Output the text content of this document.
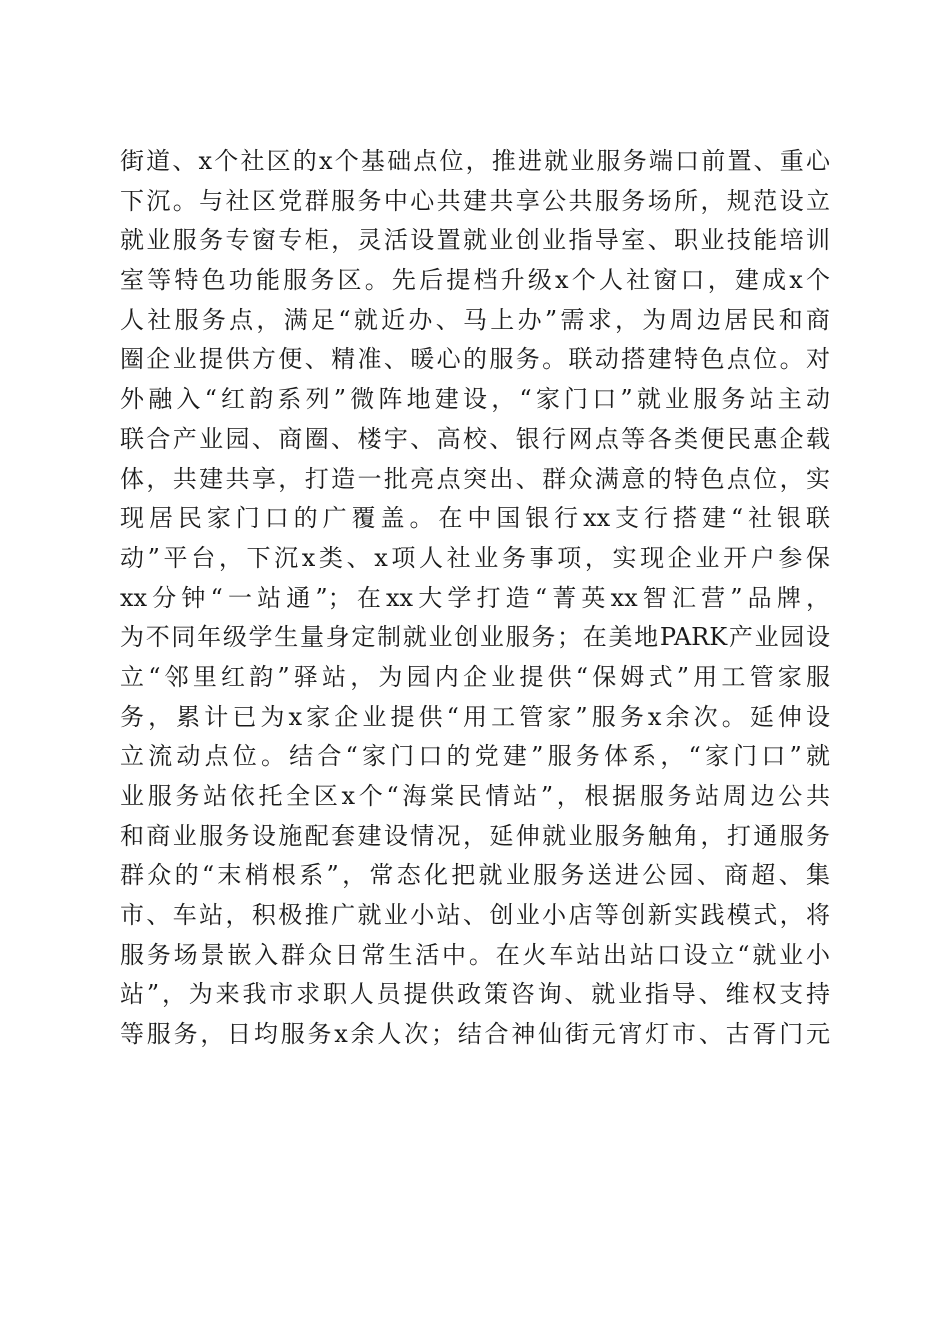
街道、x个社区的x个基础点位，推进就业服务端口前置、重心
下沉。与社区党群服务中心共建共享公共服务场所，规范设立
就业服务专窗专柜，灵活设置就业创业指导室、职业技能培训
室等特色功能服务区。先后提档升级x个人社窗口，建成x个
人社服务点，满足“就近办、马上办”需求，为周边居民和商
圈企业提供方便、精准、暖心的服务。联动搭建特色点位。对
外融入“红韵系列”微阵地建设，“家门口”就业服务站主动
联合产业园、商圈、楼宇、高校、银行网点等各类便民惠企载
体，共建共享，打造一批亮点突出、群众满意的特色点位，实
现居民家门口的广覆盖。在中国银行xx支行搭建“社银联
动”平台，下沉x类、x项人社业务事项，实现企业开户参保
xx分钟“一站通”；在xx大学打造“菁英xx智汇营”品牌，
为不同年级学生量身定制就业创业服务；在美地PARK产业园设
立“邻里红韵”驿站，为园内企业提供“保姆式”用工管家服
务，累计已为x家企业提供“用工管家”服务x余次。延伸设
立流动点位。结合“家门口的党建”服务体系，“家门口”就
业服务站依托全区x个“海棠民情站”，根据服务站周边公共
和商业服务设施配套建设情况，延伸就业服务触角，打通服务
群众的“末梢根系”，常态化把就业服务送进公园、商超、集
市、车站，积极推广就业小站、创业小店等创新实践模式，将
服务场景嵌入群众日常生活中。在火车站出站口设立“就业小
站”，为来我市求职人员提供政策咨询、就业指导、维权支持
等服务，日均服务x余人次；结合神仙街元宵灯市、古胥门元
